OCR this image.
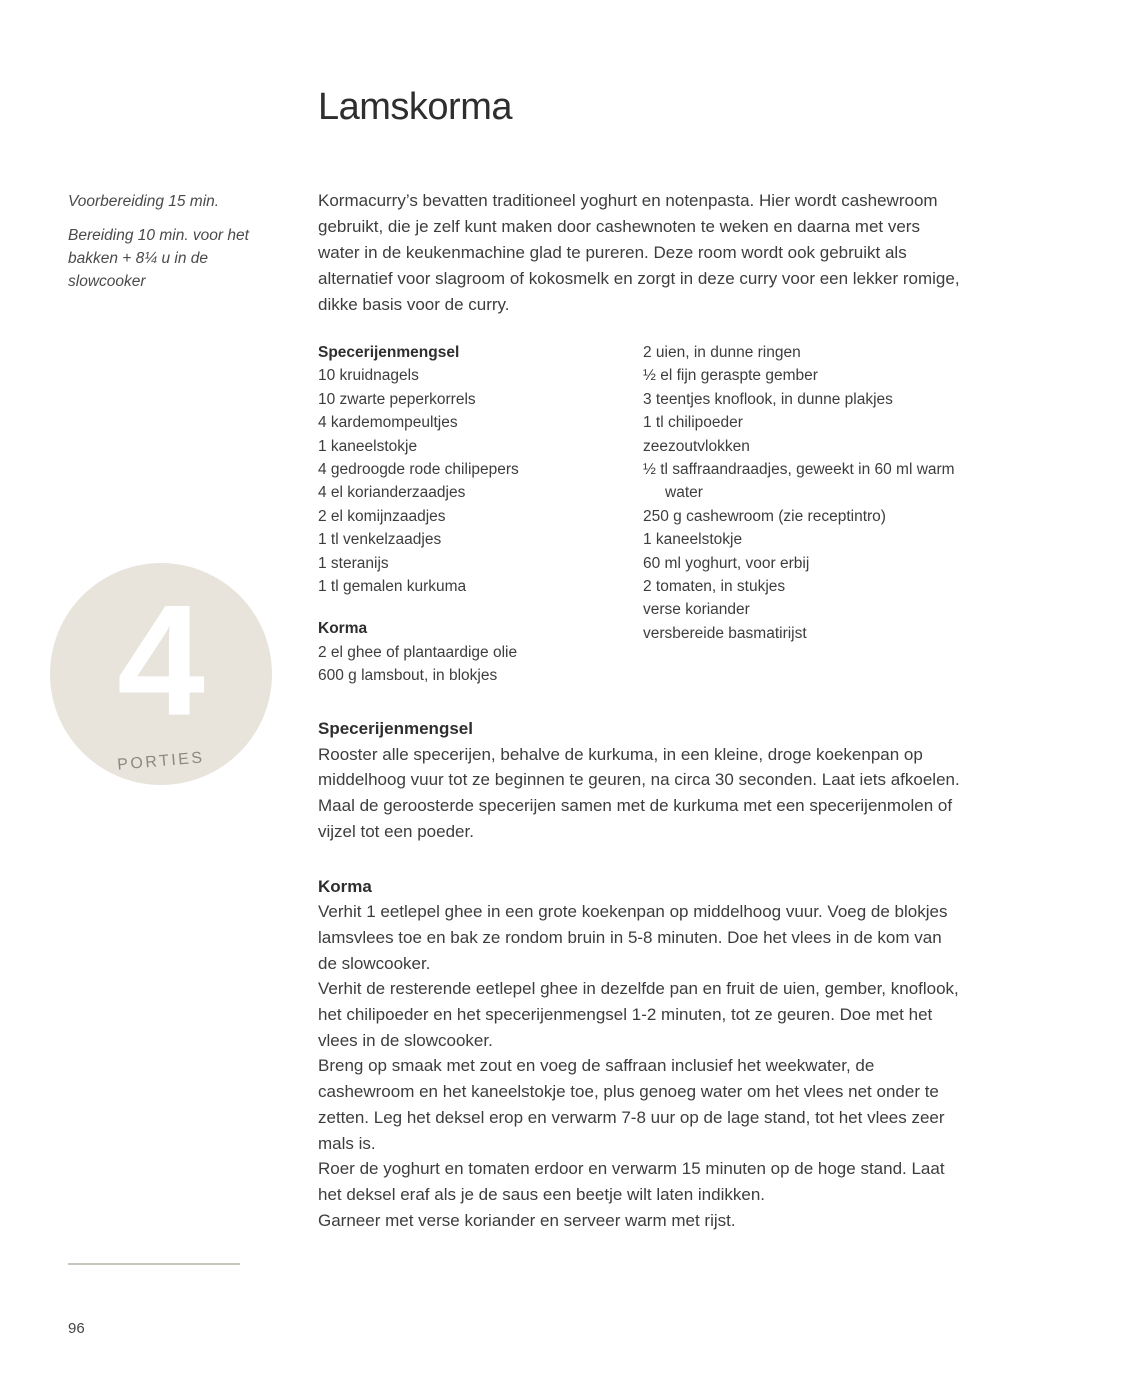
Lamskorma

Voorbereiding 15 min.

Bereiding 10 min. voor het bakken + 8¼ u in de slowcooker

Kormacurry’s bevatten traditioneel yoghurt en notenpasta. Hier wordt cashewroom gebruikt, die je zelf kunt maken door cashewnoten te weken en daarna met vers water in de keukenmachine glad te pureren. Deze room wordt ook gebruikt als alternatief voor slagroom of kokosmelk en zorgt in deze curry voor een lekker romige, dikke basis voor de curry.

Specerijenmengsel
10 kruidnagels
10 zwarte peperkorrels
4 kardemompeultjes
1 kaneelstokje
4 gedroogde rode chilipepers
4 el korianderzaadjes
2 el komijnzaadjes
1 tl venkelzaadjes
1 steranijs
1 tl gemalen kurkuma
Korma
2 el ghee of plantaardige olie
600 g lamsbout, in blokjes
2 uien, in dunne ringen
½ el fijn geraspte gember
3 teentjes knoflook, in dunne plakjes
1 tl chilipoeder
zeezoutvlokken
½ tl saffraandraadjes, geweekt in 60 ml warm water
250 g cashewroom (zie receptintro)
1 kaneelstokje
60 ml yoghurt, voor erbij
2 tomaten, in stukjes
verse koriander
versbereide basmatirijst
4
PORTIES
Specerijenmengsel

Rooster alle specerijen, behalve de kurkuma, in een kleine, droge koekenpan op middelhoog vuur tot ze beginnen te geuren, na circa 30 seconden. Laat iets afkoelen.

Maal de geroosterde specerijen samen met de kurkuma met een specerijenmolen of vijzel tot een poeder.

Korma

Verhit 1 eetlepel ghee in een grote koekenpan op middelhoog vuur. Voeg de blokjes lamsvlees toe en bak ze rondom bruin in 5-8 minuten. Doe het vlees in de kom van de slowcooker.

Verhit de resterende eetlepel ghee in dezelfde pan en fruit de uien, gember, knoflook, het chilipoeder en het specerijenmengsel 1-2 minuten, tot ze geuren. Doe met het vlees in de slowcooker.

Breng op smaak met zout en voeg de saffraan inclusief het weekwater, de cashewroom en het kaneelstokje toe, plus genoeg water om het vlees net onder te zetten. Leg het deksel erop en verwarm 7-8 uur op de lage stand, tot het vlees zeer mals is.

Roer de yoghurt en tomaten erdoor en verwarm 15 minuten op de hoge stand. Laat het deksel eraf als je de saus een beetje wilt laten indikken.

Garneer met verse koriander en serveer warm met rijst.

96
